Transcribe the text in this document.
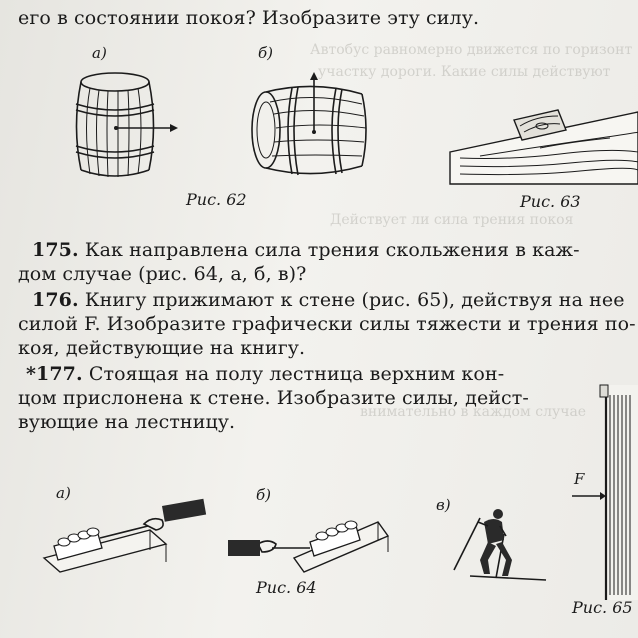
Автобус равномерно движется по горизонт
участку дороги. Какие силы действуют
Действует ли сила трения покоя
внимательно в каждом случае
его в состоянии покоя? Изобразите эту силу.
а)	б)
Рис. 62	Рис. 63
175. Как направлена сила трения скольжения в каж-
дом случае (рис. 64, а, б, в)?
176. Книгу прижимают к стене (рис. 65), действуя на нее
силой F. Изобразите графически силы тяжести и трения по-
коя, действующие на книгу.
*177. Стоящая на полу лестница верхним кон-
цом прислонена к стене. Изобразите силы, дейст-
вующие на лестницу.
F
а)	б)
в)
Рис. 64
Рис. 65
